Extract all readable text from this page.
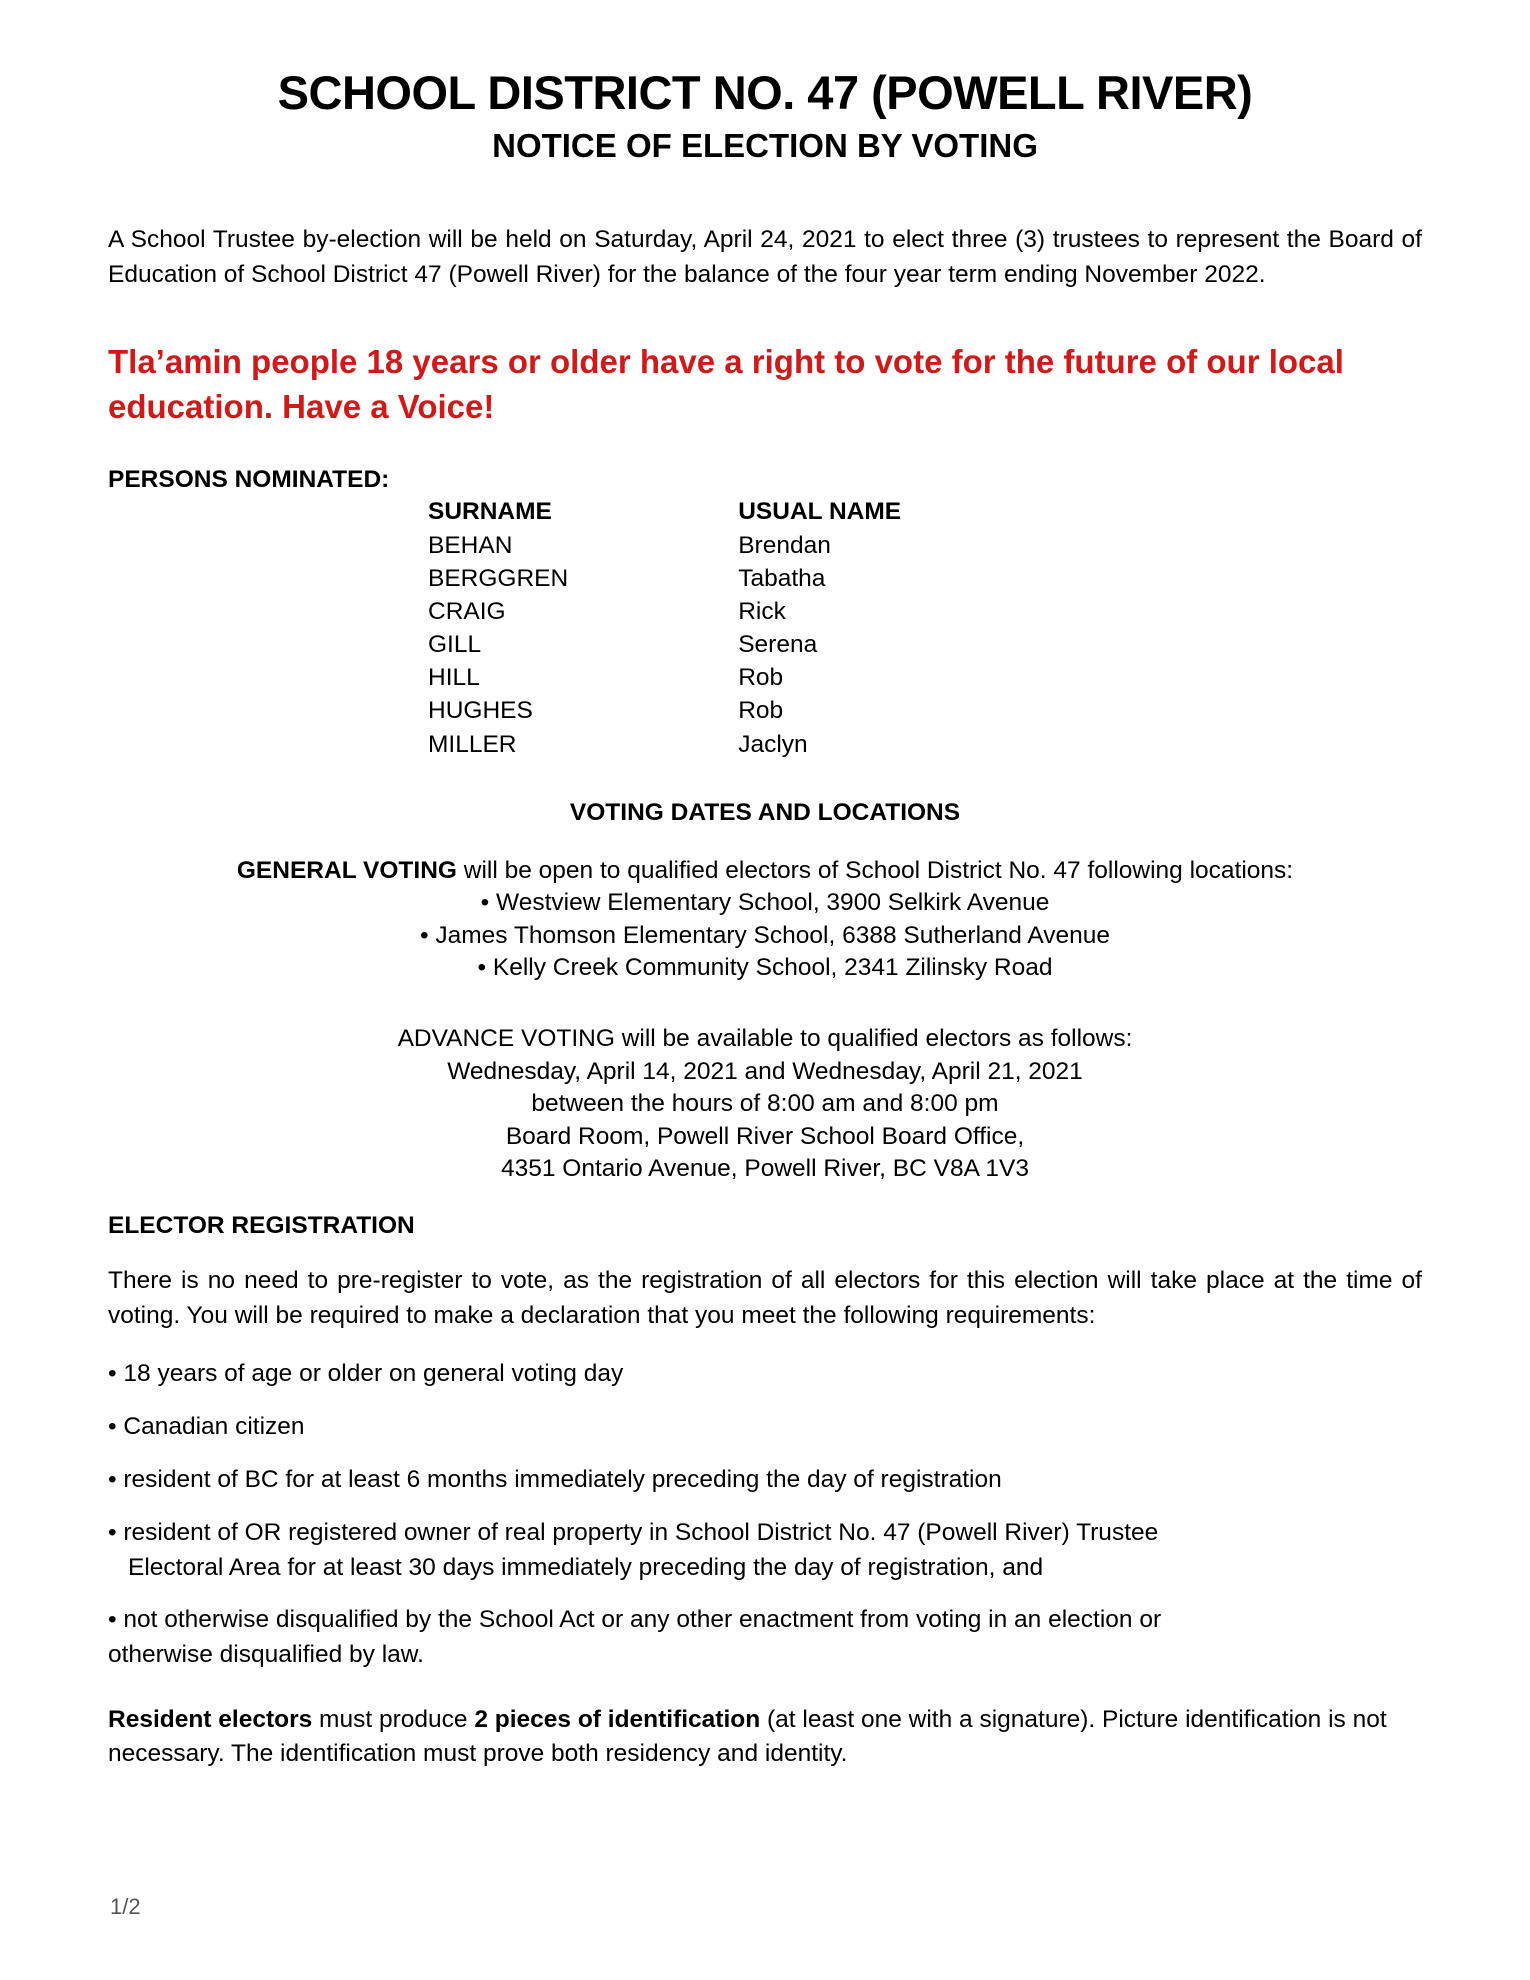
SCHOOL DISTRICT NO. 47 (POWELL RIVER)
NOTICE OF ELECTION BY VOTING

A School Trustee by-election will be held on Saturday, April 24, 2021 to elect three (3) trustees to represent the Board of Education of School District 47 (Powell River) for the balance of the four year term ending November 2022.

Tla’amin people 18 years or older have a right to vote for the future of our local education. Have a Voice!

PERSONS NOMINATED:
SURNAME	USUAL NAME
BEHAN	Brendan
BERGGREN	Tabatha
CRAIG	Rick
GILL	Serena
HILL	Rob
HUGHES	Rob
MILLER	Jaclyn
VOTING DATES AND LOCATIONS
GENERAL VOTING will be open to qualified electors of School District No. 47 following locations:
• Westview Elementary School, 3900 Selkirk Avenue
• James Thomson Elementary School, 6388 Sutherland Avenue
• Kelly Creek Community School, 2341 Zilinsky Road
ADVANCE VOTING will be available to qualified electors as follows:
Wednesday, April 14, 2021 and Wednesday, April 21, 2021
between the hours of 8:00 am and 8:00 pm
Board Room, Powell River School Board Office,
4351 Ontario Avenue, Powell River, BC V8A 1V3
ELECTOR REGISTRATION

There is no need to pre-register to vote, as the registration of all electors for this election will take place at the time of voting. You will be required to make a declaration that you meet the following requirements:

• 18 years of age or older on general voting day
• Canadian citizen
• resident of BC for at least 6 months immediately preceding the day of registration
• resident of OR registered owner of real property in School District No. 47 (Powell River) Trustee
Electoral Area for at least 30 days immediately preceding the day of registration, and
• not otherwise disqualified by the School Act or any other enactment from voting in an election or
otherwise disqualified by law.

Resident electors must produce 2 pieces of identification (at least one with a signature). Picture identification is not necessary. The identification must prove both residency and identity.

1/2
